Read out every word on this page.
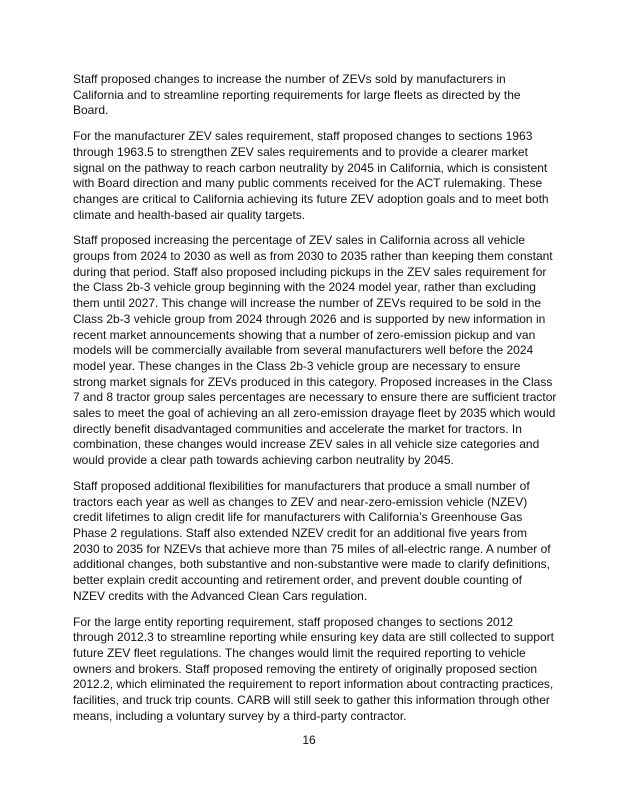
Staff proposed changes to increase the number of ZEVs sold by manufacturers in California and to streamline reporting requirements for large fleets as directed by the Board.

For the manufacturer ZEV sales requirement, staff proposed changes to sections 1963 through 1963.5 to strengthen ZEV sales requirements and to provide a clearer market signal on the pathway to reach carbon neutrality by 2045 in California, which is consistent with Board direction and many public comments received for the ACT rulemaking. These changes are critical to California achieving its future ZEV adoption goals and to meet both climate and health-based air quality targets.

Staff proposed increasing the percentage of ZEV sales in California across all vehicle groups from 2024 to 2030 as well as from 2030 to 2035 rather than keeping them constant during that period. Staff also proposed including pickups in the ZEV sales requirement for the Class 2b-3 vehicle group beginning with the 2024 model year, rather than excluding them until 2027. This change will increase the number of ZEVs required to be sold in the Class 2b-3 vehicle group from 2024 through 2026 and is supported by new information in recent market announcements showing that a number of zero-emission pickup and van models will be commercially available from several manufacturers well before the 2024 model year. These changes in the Class 2b-3 vehicle group are necessary to ensure strong market signals for ZEVs produced in this category. Proposed increases in the Class 7 and 8 tractor group sales percentages are necessary to ensure there are sufficient tractor sales to meet the goal of achieving an all zero-emission drayage fleet by 2035 which would directly benefit disadvantaged communities and accelerate the market for tractors. In combination, these changes would increase ZEV sales in all vehicle size categories and would provide a clear path towards achieving carbon neutrality by 2045.

Staff proposed additional flexibilities for manufacturers that produce a small number of tractors each year as well as changes to ZEV and near-zero-emission vehicle (NZEV) credit lifetimes to align credit life for manufacturers with California’s Greenhouse Gas Phase 2 regulations. Staff also extended NZEV credit for an additional five years from 2030 to 2035 for NZEVs that achieve more than 75 miles of all-electric range. A number of additional changes, both substantive and non-substantive were made to clarify definitions, better explain credit accounting and retirement order, and prevent double counting of NZEV credits with the Advanced Clean Cars regulation.

For the large entity reporting requirement, staff proposed changes to sections 2012 through 2012.3 to streamline reporting while ensuring key data are still collected to support future ZEV fleet regulations. The changes would limit the required reporting to vehicle owners and brokers. Staff proposed removing the entirety of originally proposed section 2012.2, which eliminated the requirement to report information about contracting practices, facilities, and truck trip counts. CARB will still seek to gather this information through other means, including a voluntary survey by a third-party contractor.

16
